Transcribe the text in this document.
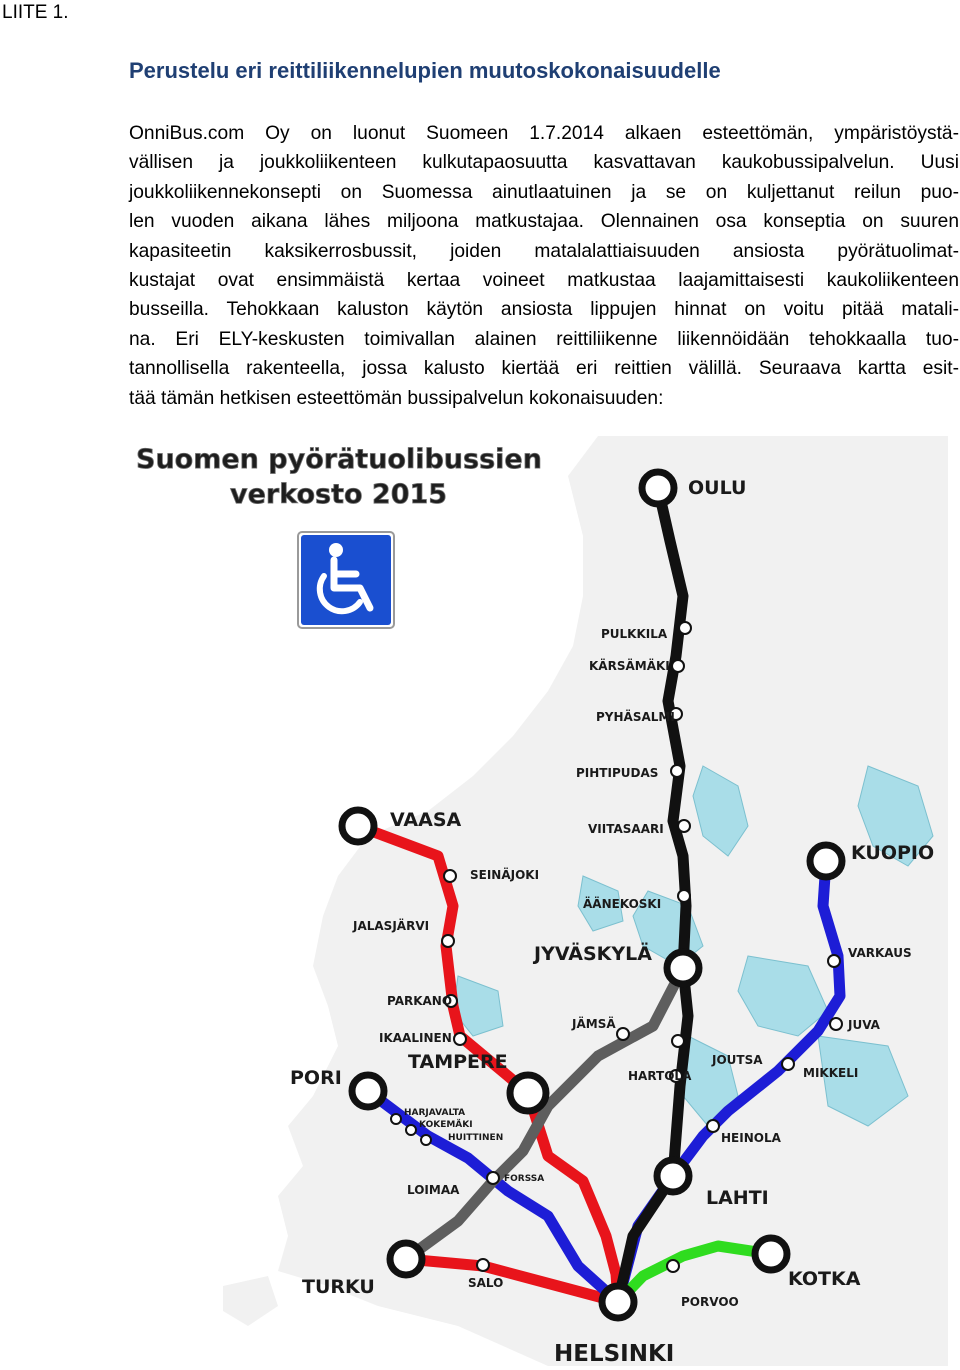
LIITE 1.
Perustelu eri reittiliikennelupien muutoskokonaisuudelle
OnniBus.com Oy on luonut Suomeen 1.7.2014 alkaen esteettömän, ympäristöystä-
vällisen ja joukkoliikenteen kulkutapaosuutta kasvattavan kaukobussipalvelun. Uusi
joukkoliikennekonsepti on Suomessa ainutlaatuinen ja se on kuljettanut reilun puo-
len vuoden aikana lähes miljoona matkustajaa. Olennainen osa konseptia on suuren
kapasiteetin kaksikerrosbussit, joiden matalalattiaisuuden ansiosta pyörätuolimat-
kustajat ovat ensimmäistä kertaa voineet matkustaa laajamittaisesti kaukoliikenteen
busseilla. Tehokkaan kaluston käytön ansiosta lippujen hinnat on voitu pitää matali-
na. Eri ELY-keskusten toimivallan alainen reittiliikenne liikennöidään tehokkaalla tuo-
tannollisella rakenteella, jossa kalusto kiertää eri reittien välillä. Seuraava kartta esit-
tää tämän hetkisen esteettömän bussipalvelun kokonaisuuden:
Suomen pyörätuolibussien
verkosto 2015	OULU
VAASA
KUOPIO
JYVÄSKYLÄ
TAMPERE
PORI
LAHTI
TURKU	KOTKA
HELSINKI
PULKKILA
KÄRSÄMÄKI
PYHÄSALMI
PIHTIPUDAS
VIITASAARI
ÄÄNEKOSKI
SEINÄJOKI
JALASJÄRVI
PARKANO
IKAALINEN
VARKAUS
JUVA
MIKKELI
JÄMSÄ
JOUTSA
HARTOLA
HEINOLA
LOIMAA
SALO
PORVOO
HARJAVALTA
KOKEMÄKI
HUITTINEN
FORSSA
